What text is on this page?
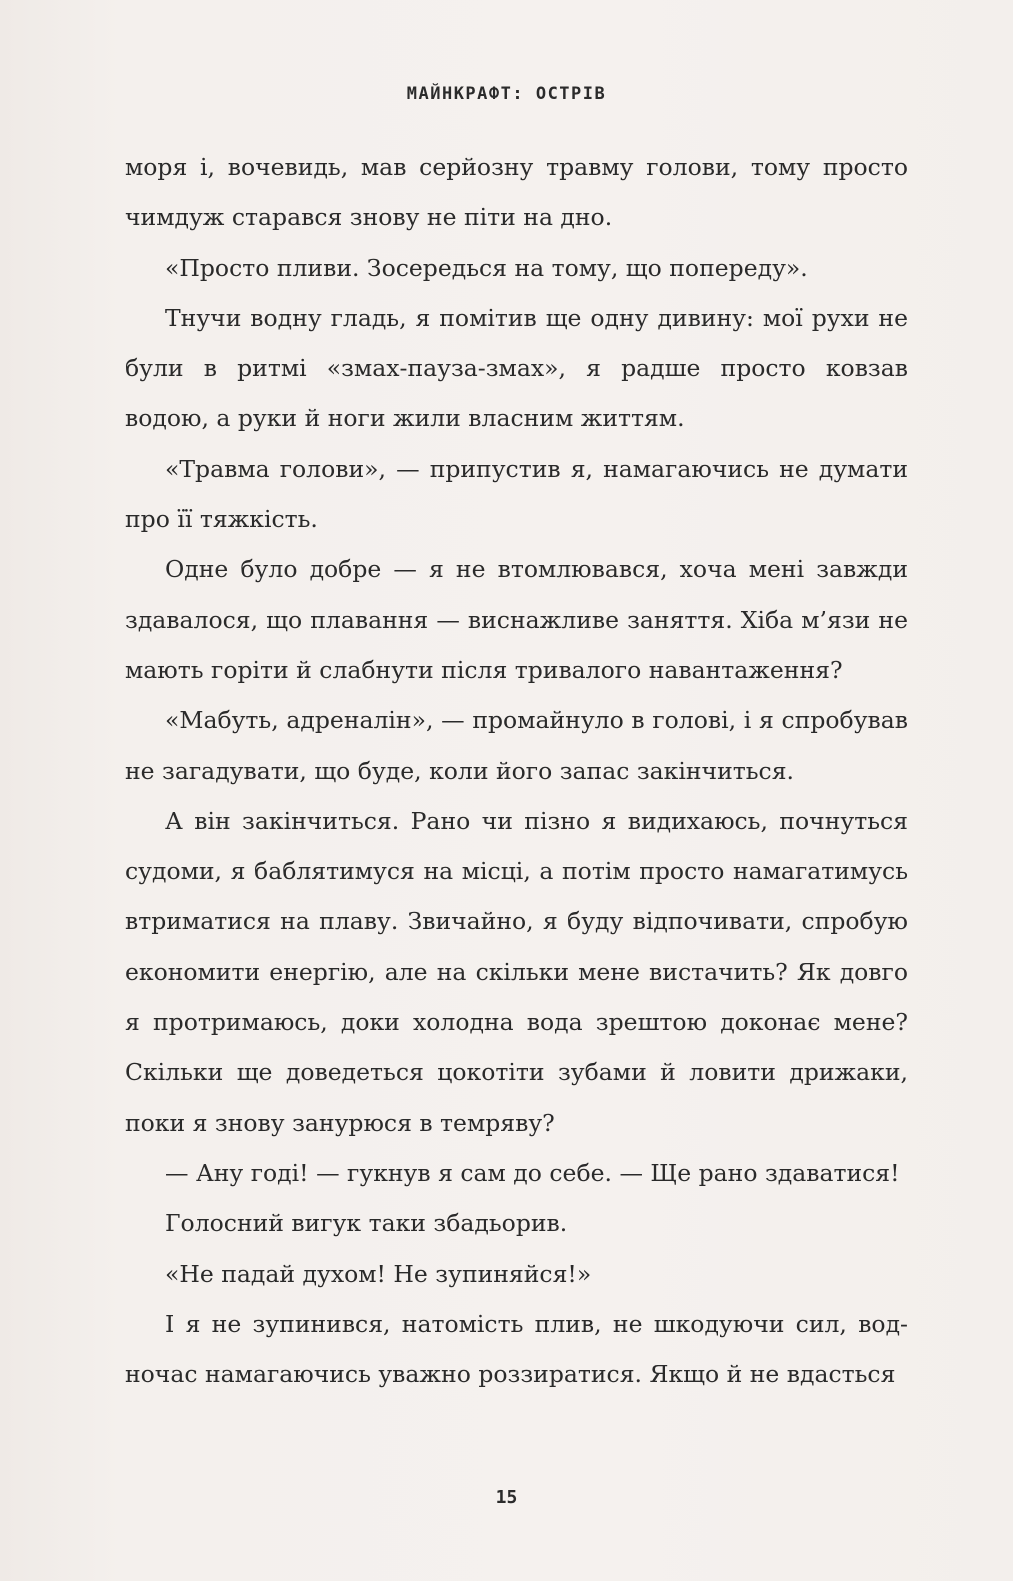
МАЙНКРАФТ: ОСТРІВ

моря і, вочевидь, мав серйозну травму голови, тому просто чимдуж старався знову не піти на дно.

«Просто пливи. Зосередься на тому, що попереду».

Тнучи водну гладь, я помітив ще одну дивину: мої рухи не були в ритмі «змах-пауза-змах», я радше просто ковзав водою, а руки й ноги жили власним життям.

«Травма голови», — припустив я, намагаючись не думати про її тяжкість.

Одне було добре — я не втомлювався, хоча мені завжди здавалося, що плавання — виснажливе заняття. Хіба м’язи не мають горіти й слабнути після тривалого навантаження?

«Мабуть, адреналін», — промайнуло в голові, і я спробував не загадувати, що буде, коли його запас закінчиться.

А він закінчиться. Рано чи пізно я видихаюсь, почнуться судоми, я баблятимуся на місці, а потім просто намагатимусь втриматися на плаву. Звичайно, я буду відпочивати, спробую економити енергію, але на скільки мене вистачить? Як довго я протримаюсь, доки холодна вода зрештою доконає мене? Скільки ще доведеться цокотіти зубами й ловити дрижаки, поки я знову занурюся в темряву?

— Ану годі! — гукнув я сам до себе. — Ще рано здаватися!

Голосний вигук таки збадьорив.

«Не падай духом! Не зупиняйся!»

І я не зупинився, натомість плив, не шкодуючи сил, водночас намагаючись уважно роззиратися. Якщо й не вдасться

15
